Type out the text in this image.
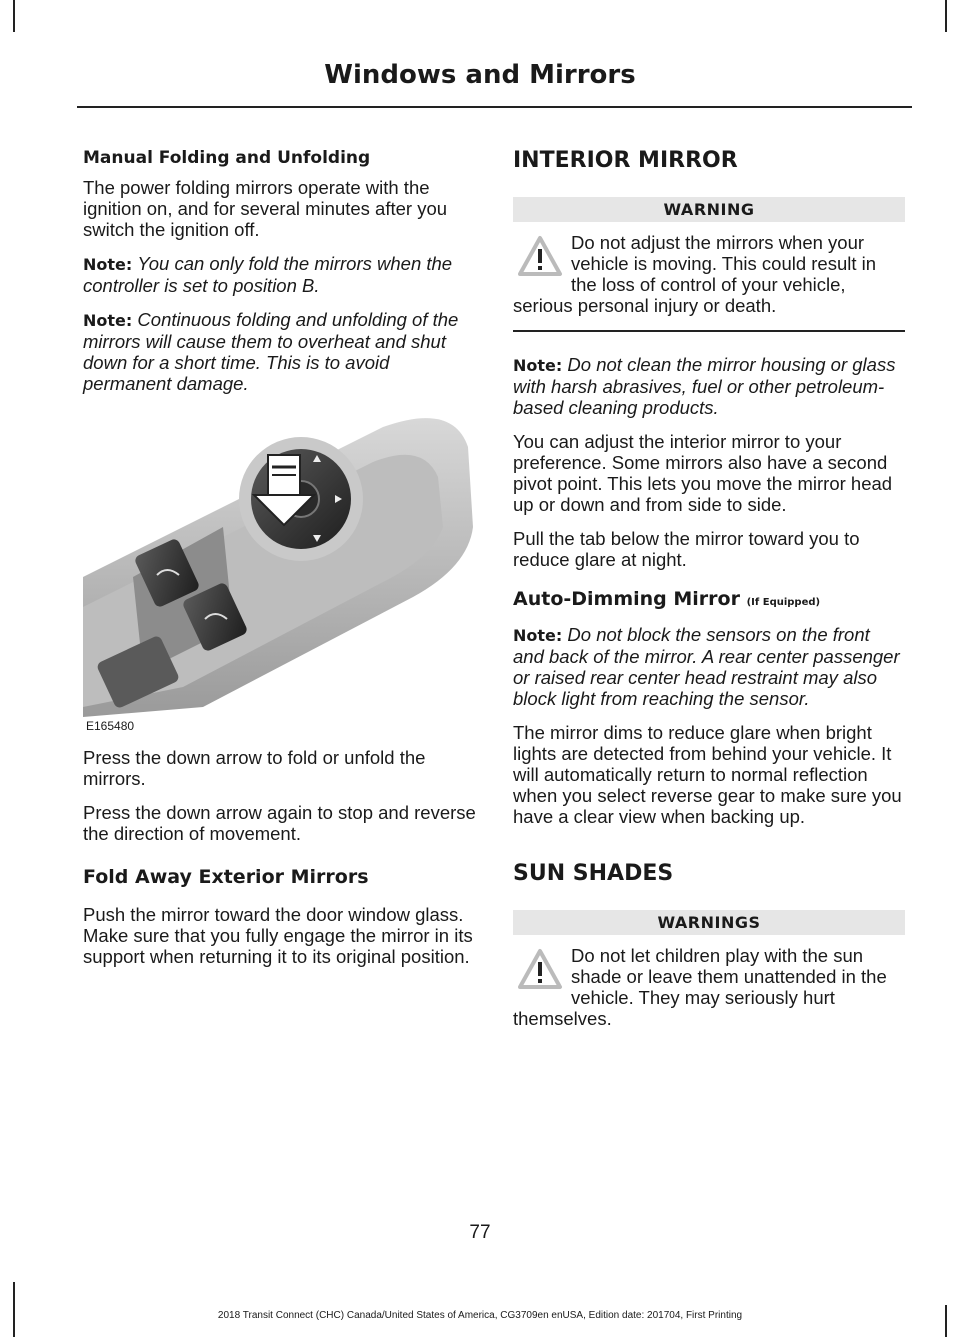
Windows and Mirrors
Manual Folding and Unfolding

The power folding mirrors operate with the ignition on, and for several minutes after you switch the ignition off.

Note: You can only fold the mirrors when the controller is set to position B.

Note: Continuous folding and unfolding of the mirrors will cause them to overheat and shut down for a short time. This is to avoid permanent damage.

E165480

Press the down arrow to fold or unfold the mirrors.

Press the down arrow again to stop and reverse the direction of movement.

Fold Away Exterior Mirrors

Push the mirror toward the door window glass. Make sure that you fully engage the mirror in its support when returning it to its original position.

INTERIOR MIRROR
WARNING
Do not adjust the mirrors when your vehicle is moving. This could result in the loss of control of your vehicle, serious personal injury or death.

Note: Do not clean the mirror housing or glass with harsh abrasives, fuel or other petroleum-based cleaning products.

You can adjust the interior mirror to your preference. Some mirrors also have a second pivot point. This lets you move the mirror head up or down and from side to side.

Pull the tab below the mirror toward you to reduce glare at night.

Auto-Dimming Mirror (If Equipped)

Note: Do not block the sensors on the front and back of the mirror. A rear center passenger or raised rear center head restraint may also block light from reaching the sensor.

The mirror dims to reduce glare when bright lights are detected from behind your vehicle. It will automatically return to normal reflection when you select reverse gear to make sure you have a clear view when backing up.

SUN SHADES
WARNINGS
Do not let children play with the sun shade or leave them unattended in the vehicle. They may seriously hurt themselves.
77
2018 Transit Connect (CHC) Canada/United States of America, CG3709en enUSA, Edition date: 201704, First Printing
